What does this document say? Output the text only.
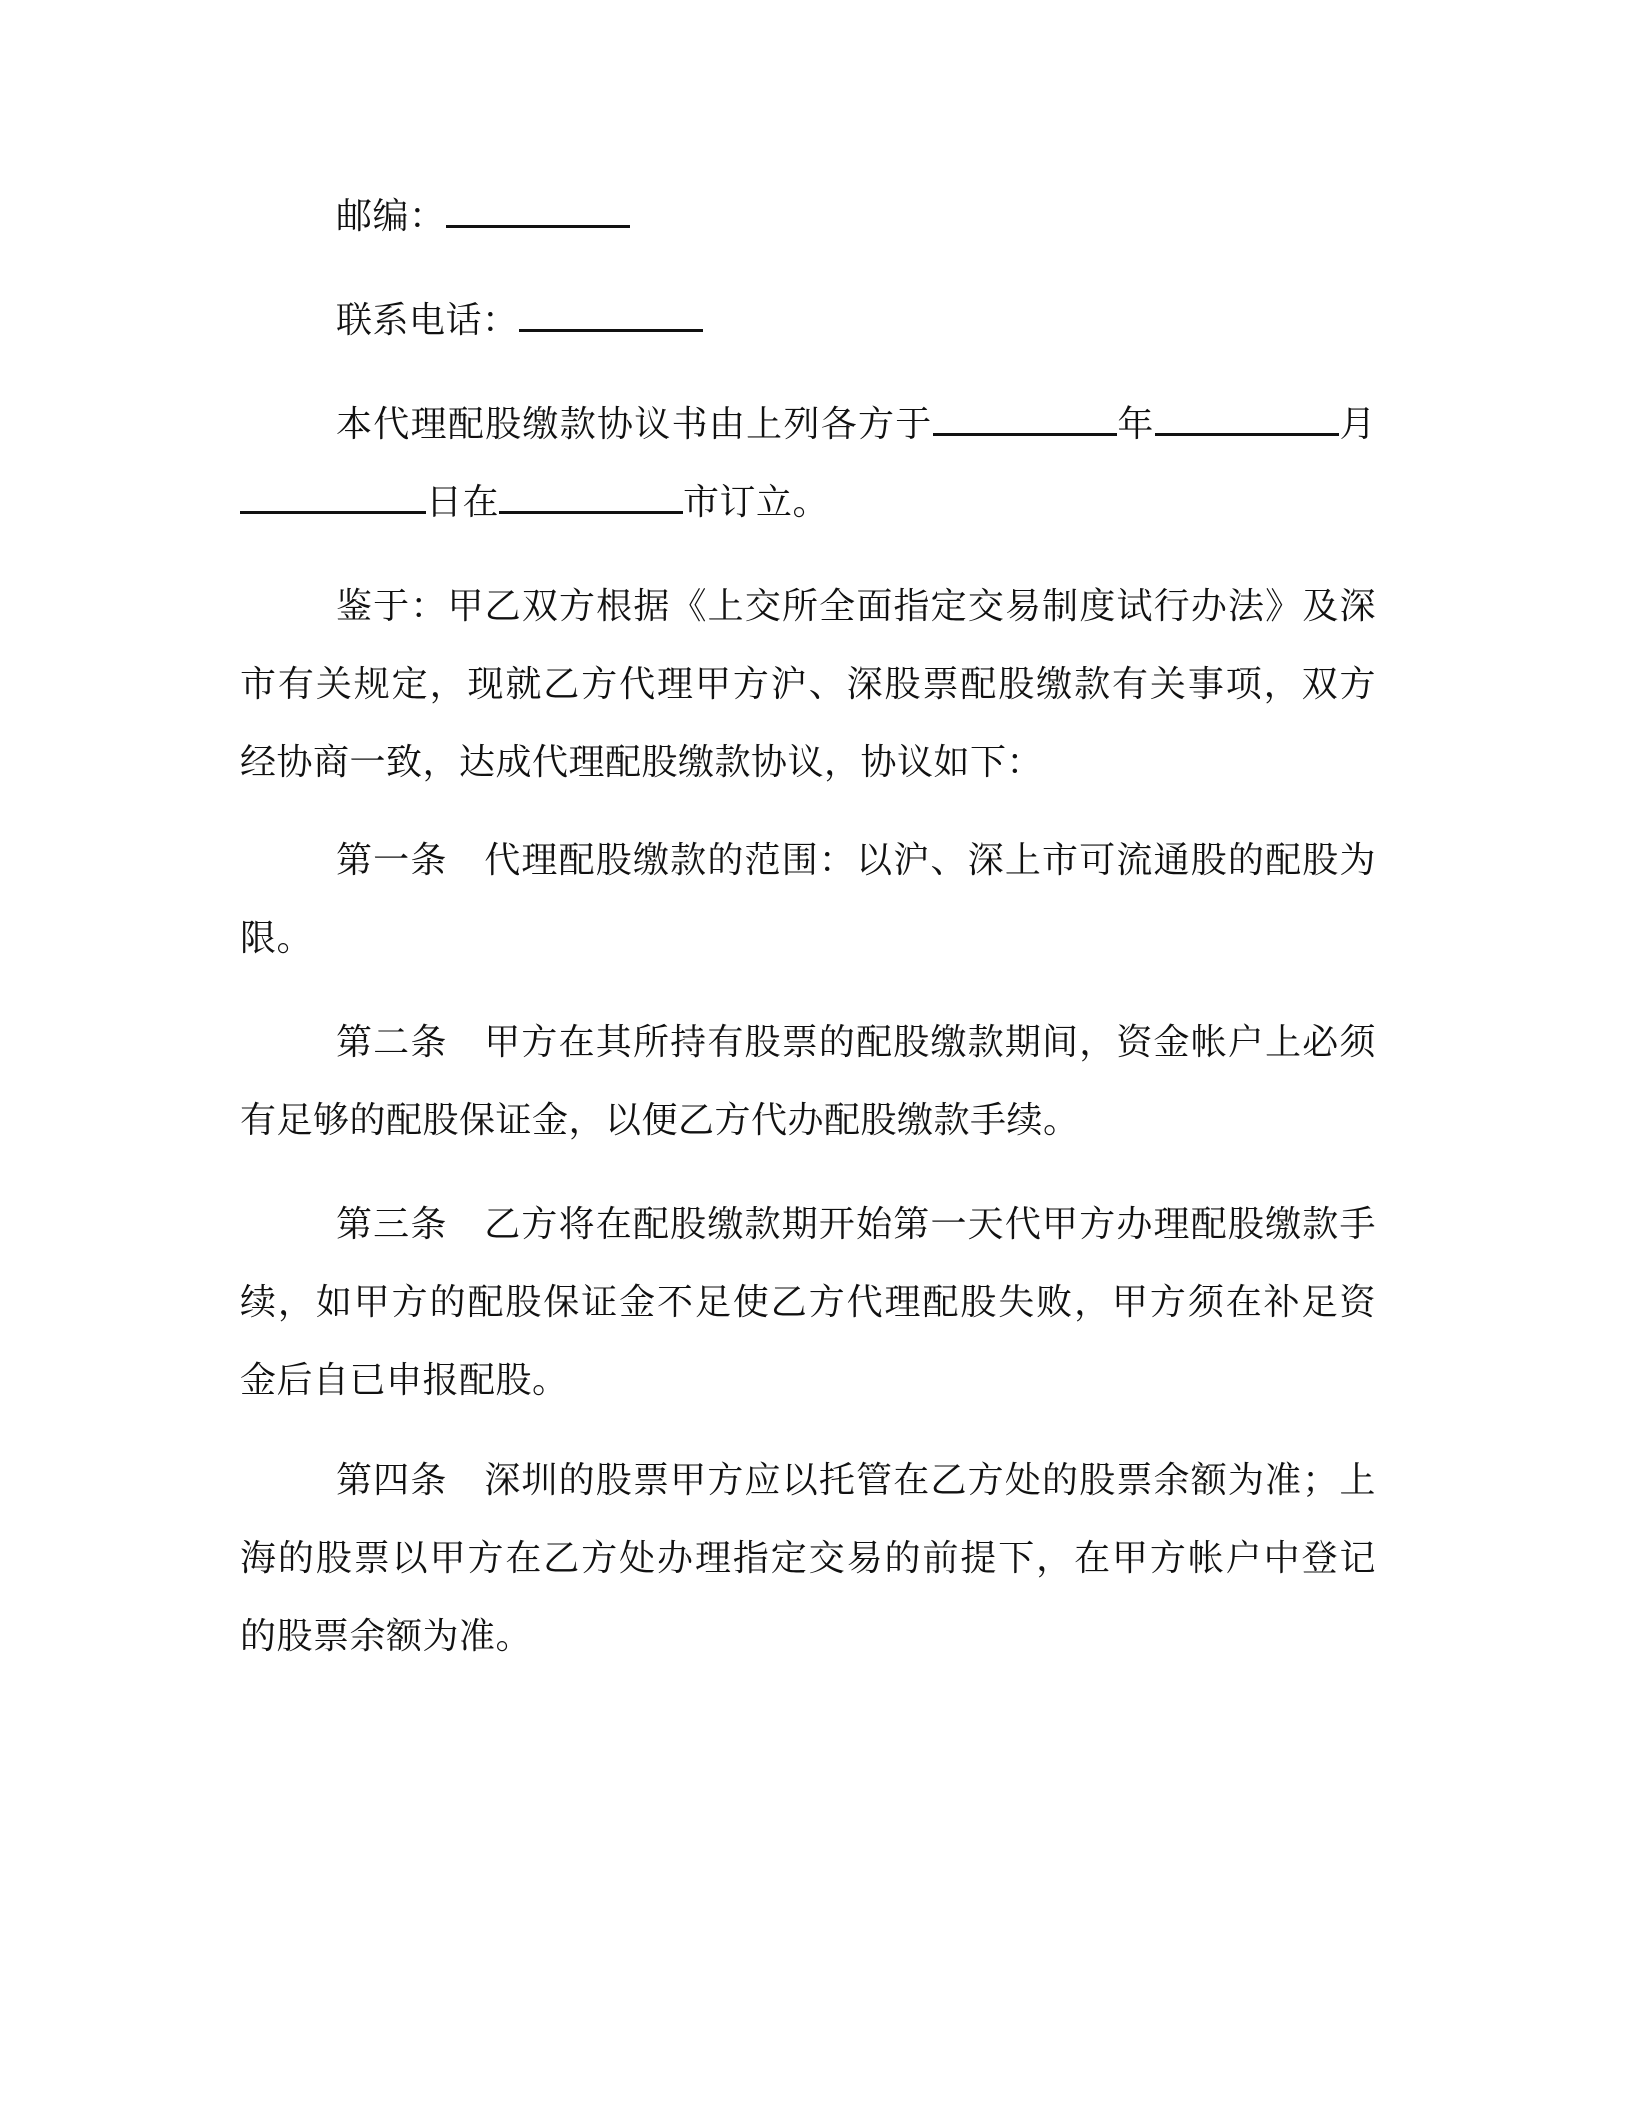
邮编：
联系电话：
本代理配股缴款协议书由上列各方于	年	月
日在	市订立。
鉴于：甲乙双方根据《上交所全面指定交易制度试行办法》及深
市有关规定，现就乙方代理甲方沪、深股票配股缴款有关事项，双方
经协商一致，达成代理配股缴款协议，协议如下：
第一条 代理配股缴款的范围：以沪、深上市可流通股的配股为
限。
第二条 甲方在其所持有股票的配股缴款期间，资金帐户上必须
有足够的配股保证金，以便乙方代办配股缴款手续。
第三条 乙方将在配股缴款期开始第一天代甲方办理配股缴款手
续，如甲方的配股保证金不足使乙方代理配股失败，甲方须在补足资
金后自已申报配股。
第四条 深圳的股票甲方应以托管在乙方处的股票余额为准；上
海的股票以甲方在乙方处办理指定交易的前提下，在甲方帐户中登记
的股票余额为准。
